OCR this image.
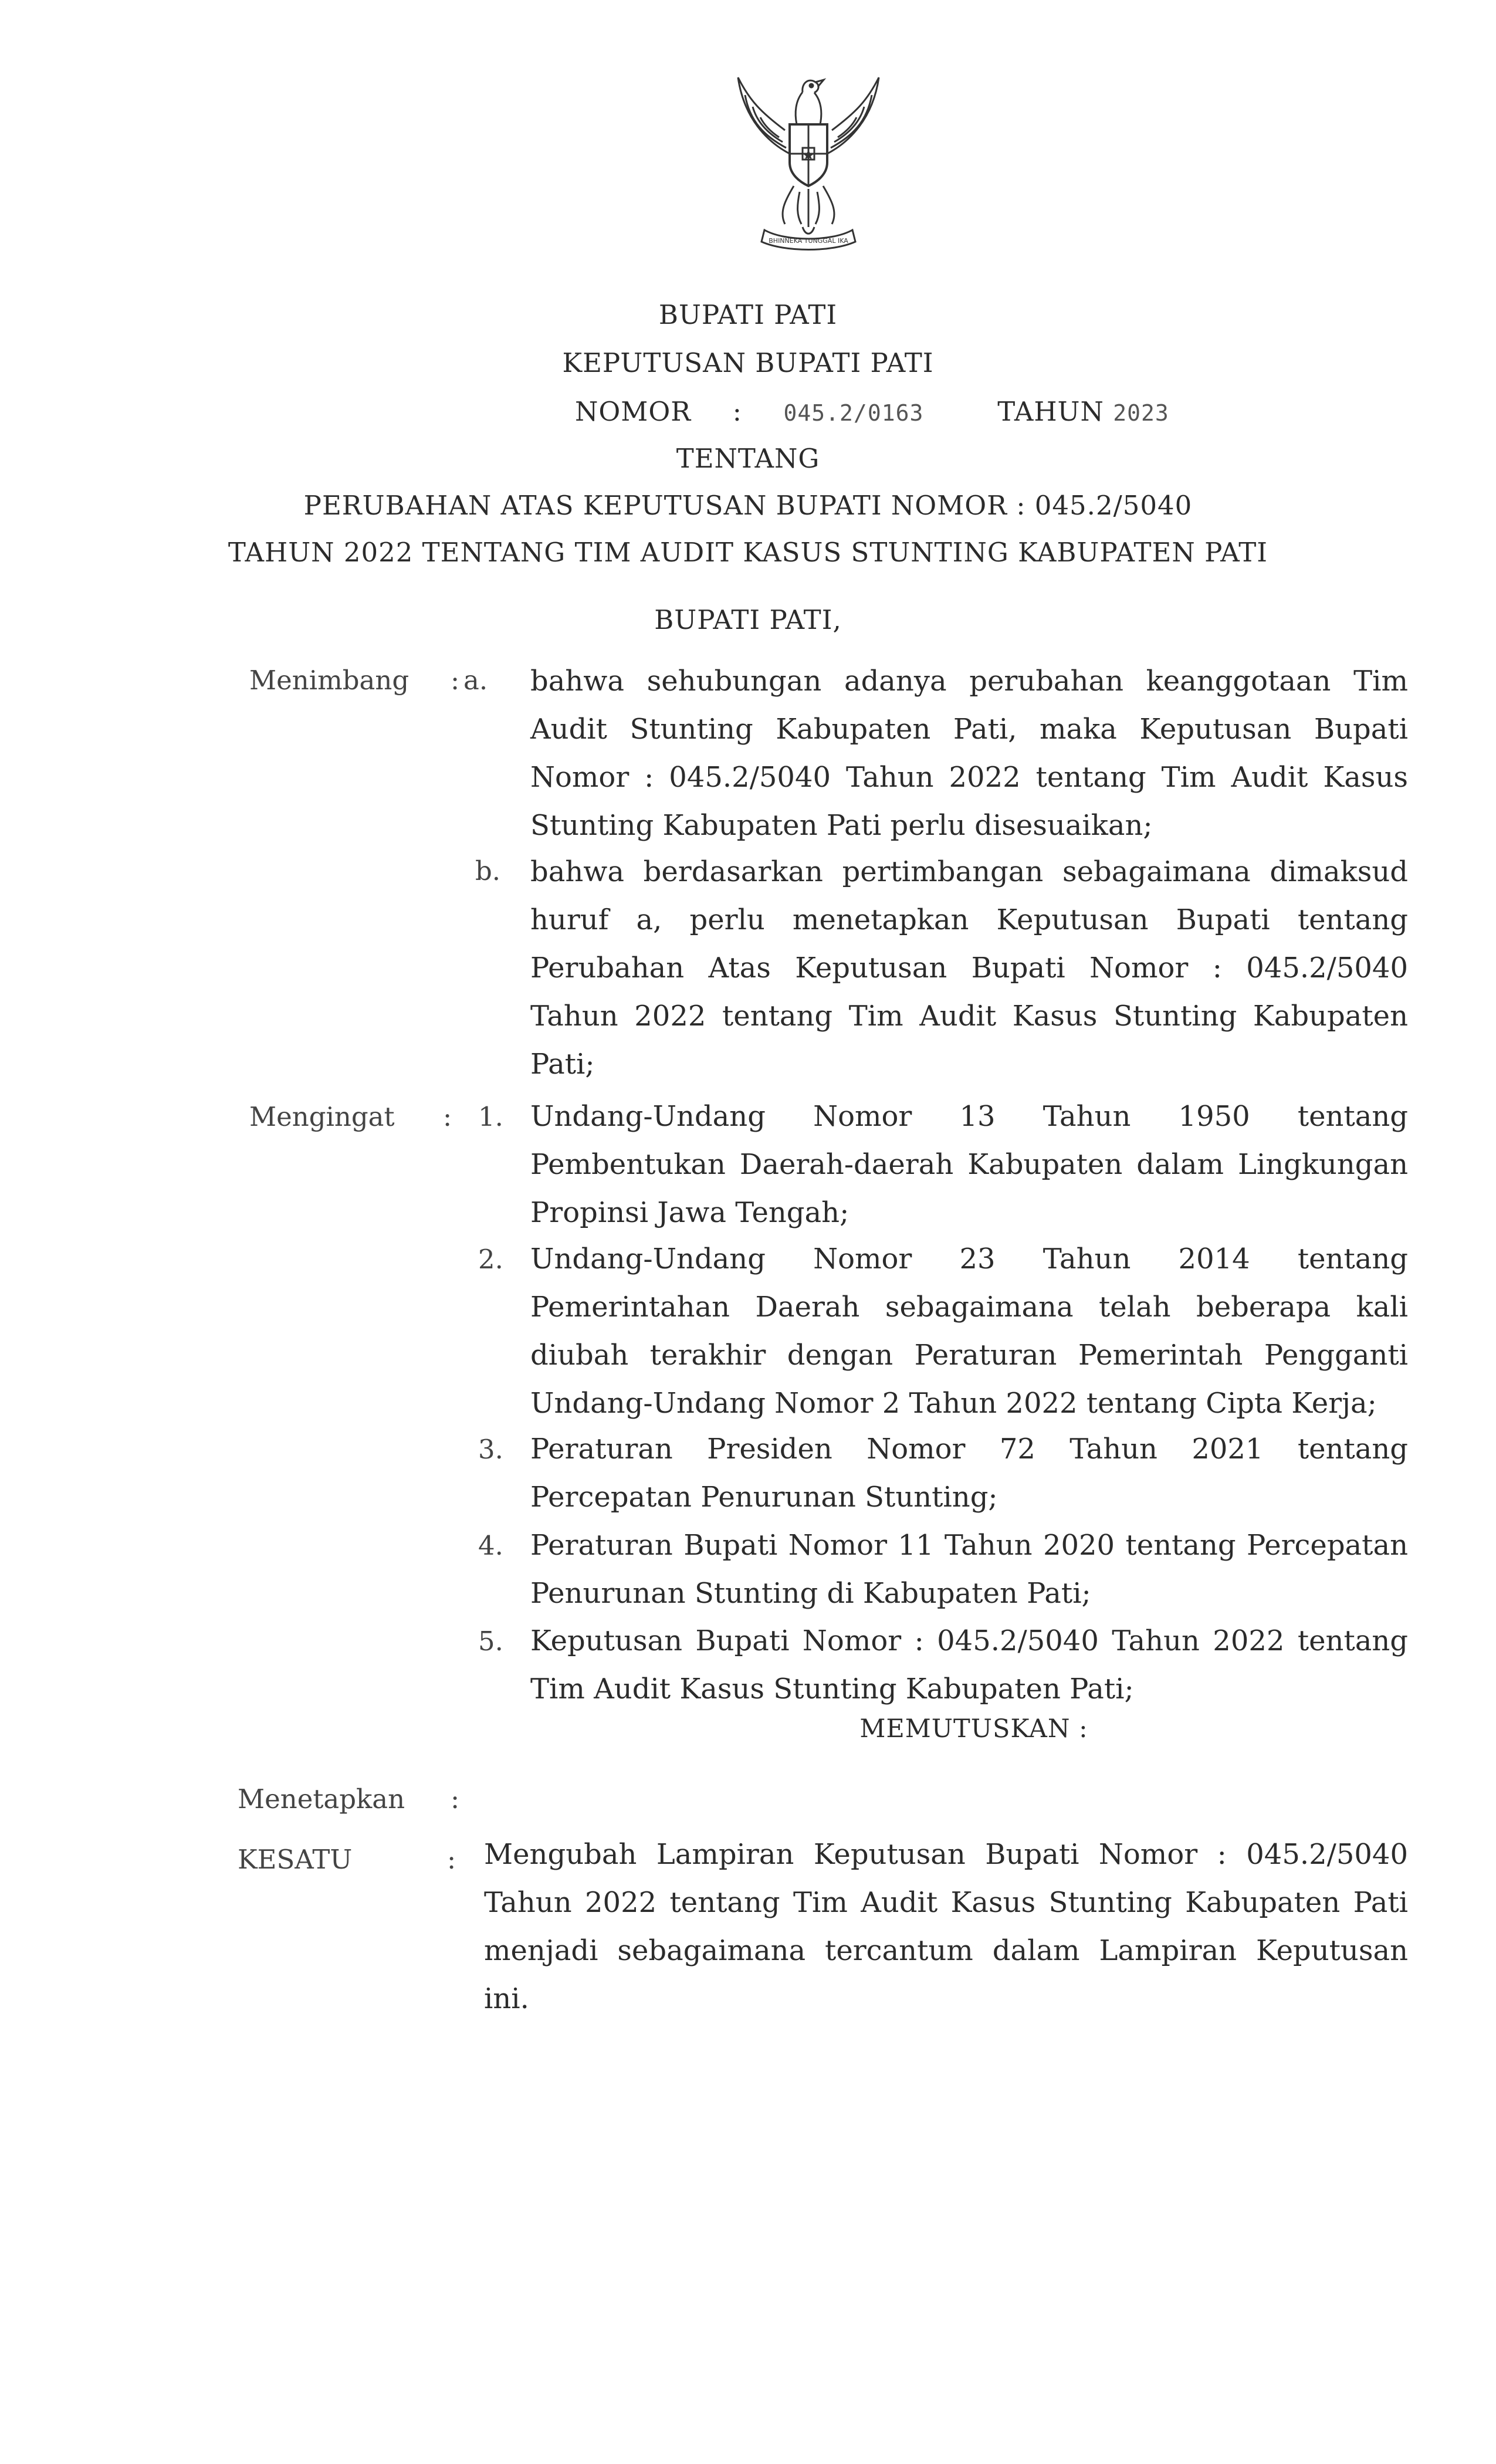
BHINNEKA TUNGGAL IKA
BUPATI PATI
KEPUTUSAN BUPATI PATI
NOMOR : 045.2/0163	TAHUN 2023
TENTANG
PERUBAHAN ATAS KEPUTUSAN BUPATI NOMOR : 045.2/5040
TAHUN 2022 TENTANG TIM AUDIT KASUS STUNTING KABUPATEN PATI
BUPATI PATI,
Menimbang : a. bahwa sehubungan adanya perubahan keanggotaan Tim Audit Stunting Kabupaten Pati, maka Keputusan Bupati Nomor : 045.2/5040 Tahun 2022 tentang Tim Audit Kasus Stunting Kabupaten Pati perlu disesuaikan;
b. bahwa berdasarkan pertimbangan sebagaimana dimaksud huruf a, perlu menetapkan Keputusan Bupati tentang Perubahan Atas Keputusan Bupati Nomor : 045.2/5040 Tahun 2022 tentang Tim Audit Kasus Stunting Kabupaten Pati;
Mengingat : 1. Undang-Undang Nomor 13 Tahun 1950 tentang Pembentukan Daerah-daerah Kabupaten dalam Lingkungan Propinsi Jawa Tengah;
2. Undang-Undang Nomor 23 Tahun 2014 tentang Pemerintahan Daerah sebagaimana telah beberapa kali diubah terakhir dengan Peraturan Pemerintah Pengganti Undang-Undang Nomor 2 Tahun 2022 tentang Cipta Kerja;
3. Peraturan Presiden Nomor 72 Tahun 2021 tentang Percepatan Penurunan Stunting;
4. Peraturan Bupati Nomor 11 Tahun 2020 tentang Percepatan Penurunan Stunting di Kabupaten Pati;
5. Keputusan Bupati Nomor : 045.2/5040 Tahun 2022 tentang Tim Audit Kasus Stunting Kabupaten Pati;
MEMUTUSKAN :
Menetapkan :
KESATU	: Mengubah Lampiran Keputusan Bupati Nomor : 045.2/5040 Tahun 2022 tentang Tim Audit Kasus Stunting Kabupaten Pati menjadi sebagaimana tercantum dalam Lampiran Keputusan ini.
